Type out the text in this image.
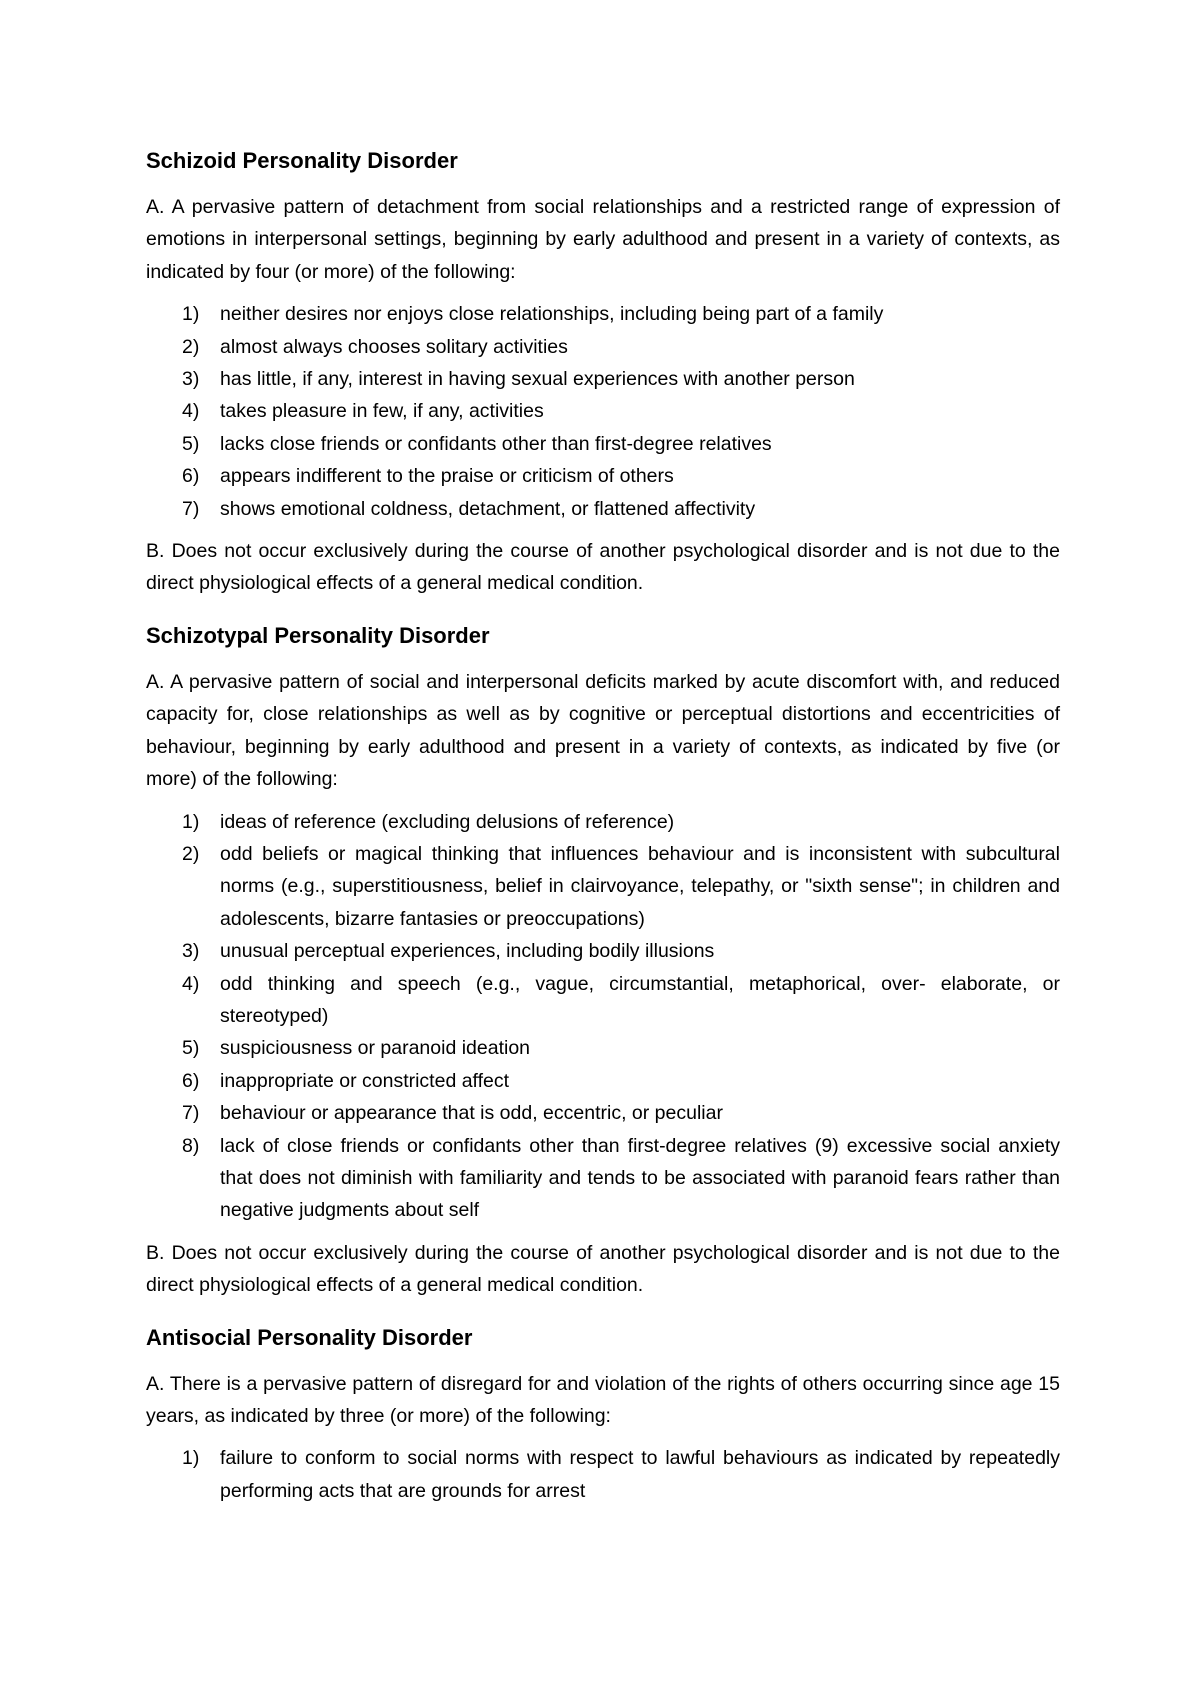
Schizoid Personality Disorder
A. A pervasive pattern of detachment from social relationships and a restricted range of expression of emotions in interpersonal settings, beginning by early adulthood and present in a variety of contexts, as indicated by four (or more) of the following:
1) neither desires nor enjoys close relationships, including being part of a family
2) almost always chooses solitary activities
3) has little, if any, interest in having sexual experiences with another person
4) takes pleasure in few, if any, activities
5) lacks close friends or confidants other than first-degree relatives
6) appears indifferent to the praise or criticism of others
7) shows emotional coldness, detachment, or flattened affectivity
B. Does not occur exclusively during the course of another psychological disorder and is not due to the direct physiological effects of a general medical condition.
Schizotypal Personality Disorder
A. A pervasive pattern of social and interpersonal deficits marked by acute discomfort with, and reduced capacity for, close relationships as well as by cognitive or perceptual distortions and eccentricities of behaviour, beginning by early adulthood and present in a variety of contexts, as indicated by five (or more) of the following:
1) ideas of reference (excluding delusions of reference)
2) odd beliefs or magical thinking that influences behaviour and is inconsistent with subcultural norms (e.g., superstitiousness, belief in clairvoyance, telepathy, or "sixth sense"; in children and adolescents, bizarre fantasies or preoccupations)
3) unusual perceptual experiences, including bodily illusions
4) odd thinking and speech (e.g., vague, circumstantial, metaphorical, over- elaborate, or stereotyped)
5) suspiciousness or paranoid ideation
6) inappropriate or constricted affect
7) behaviour or appearance that is odd, eccentric, or peculiar
8) lack of close friends or confidants other than first-degree relatives (9) excessive social anxiety that does not diminish with familiarity and tends to be associated with paranoid fears rather than negative judgments about self
B. Does not occur exclusively during the course of another psychological disorder and is not due to the direct physiological effects of a general medical condition.
Antisocial Personality Disorder
A. There is a pervasive pattern of disregard for and violation of the rights of others occurring since age 15 years, as indicated by three (or more) of the following:
1) failure to conform to social norms with respect to lawful behaviours as indicated by repeatedly performing acts that are grounds for arrest
